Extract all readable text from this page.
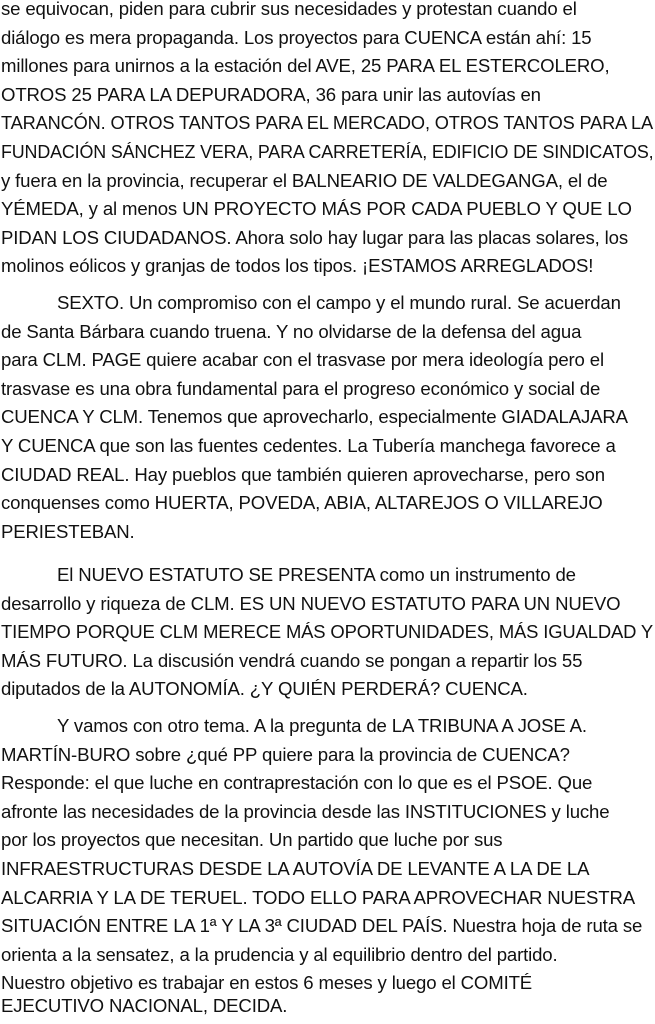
se equivocan, piden para cubrir sus necesidades y protestan cuando el
diálogo es mera propaganda. Los proyectos para CUENCA están ahí: 15
millones para unirnos a la estación del AVE, 25 PARA EL ESTERCOLERO,
OTROS 25 PARA LA DEPURADORA, 36 para unir las autovías en
TARANCÓN. OTROS TANTOS PARA EL MERCADO, OTROS TANTOS PARA LA
FUNDACIÓN SÁNCHEZ VERA, PARA CARRETERÍA, EDIFICIO DE SINDICATOS,
y fuera en la provincia, recuperar el BALNEARIO DE VALDEGANGA, el de
YÉMEDA, y al menos UN PROYECTO MÁS POR CADA PUEBLO Y QUE LO
PIDAN LOS CIUDADANOS. Ahora solo hay lugar para las placas solares, los
molinos eólicos y granjas de todos los tipos. ¡ESTAMOS ARREGLADOS!
SEXTO. Un compromiso con el campo y el mundo rural. Se acuerdan
de Santa Bárbara cuando truena. Y no olvidarse de la defensa del agua
para CLM. PAGE quiere acabar con el trasvase por mera ideología pero el
trasvase es una obra fundamental para el progreso económico y social de
CUENCA Y CLM. Tenemos que aprovecharlo, especialmente GIADALAJARA
Y CUENCA que son las fuentes cedentes. La Tubería manchega favorece a
CIUDAD REAL. Hay pueblos que también quieren aprovecharse, pero son
conquenses como HUERTA, POVEDA, ABIA, ALTAREJOS O VILLAREJO
PERIESTEBAN.
El NUEVO ESTATUTO SE PRESENTA como un instrumento de
desarrollo y riqueza de CLM. ES UN NUEVO ESTATUTO PARA UN NUEVO
TIEMPO PORQUE CLM MERECE MÁS OPORTUNIDADES, MÁS IGUALDAD Y
MÁS FUTURO. La discusión vendrá cuando se pongan a repartir los 55
diputados de la AUTONOMÍA. ¿Y QUIÉN PERDERÁ? CUENCA.
Y vamos con otro tema. A la pregunta de LA TRIBUNA A JOSE A.
MARTÍN-BURO sobre ¿qué PP quiere para la provincia de CUENCA?
Responde: el que luche en contraprestación con lo que es el PSOE. Que
afronte las necesidades de la provincia desde las INSTITUCIONES y luche
por los proyectos que necesitan. Un partido que luche por sus
INFRAESTRUCTURAS DESDE LA AUTOVÍA DE LEVANTE A LA DE LA
ALCARRIA Y LA DE TERUEL. TODO ELLO PARA APROVECHAR NUESTRA
SITUACIÓN ENTRE LA 1ª Y LA 3ª CIUDAD DEL PAÍS. Nuestra hoja de ruta se
orienta a la sensatez, a la prudencia y al equilibrio dentro del partido.
Nuestro objetivo es trabajar en estos 6 meses y luego el COMITÉ
EJECUTIVO NACIONAL, DECIDA.
